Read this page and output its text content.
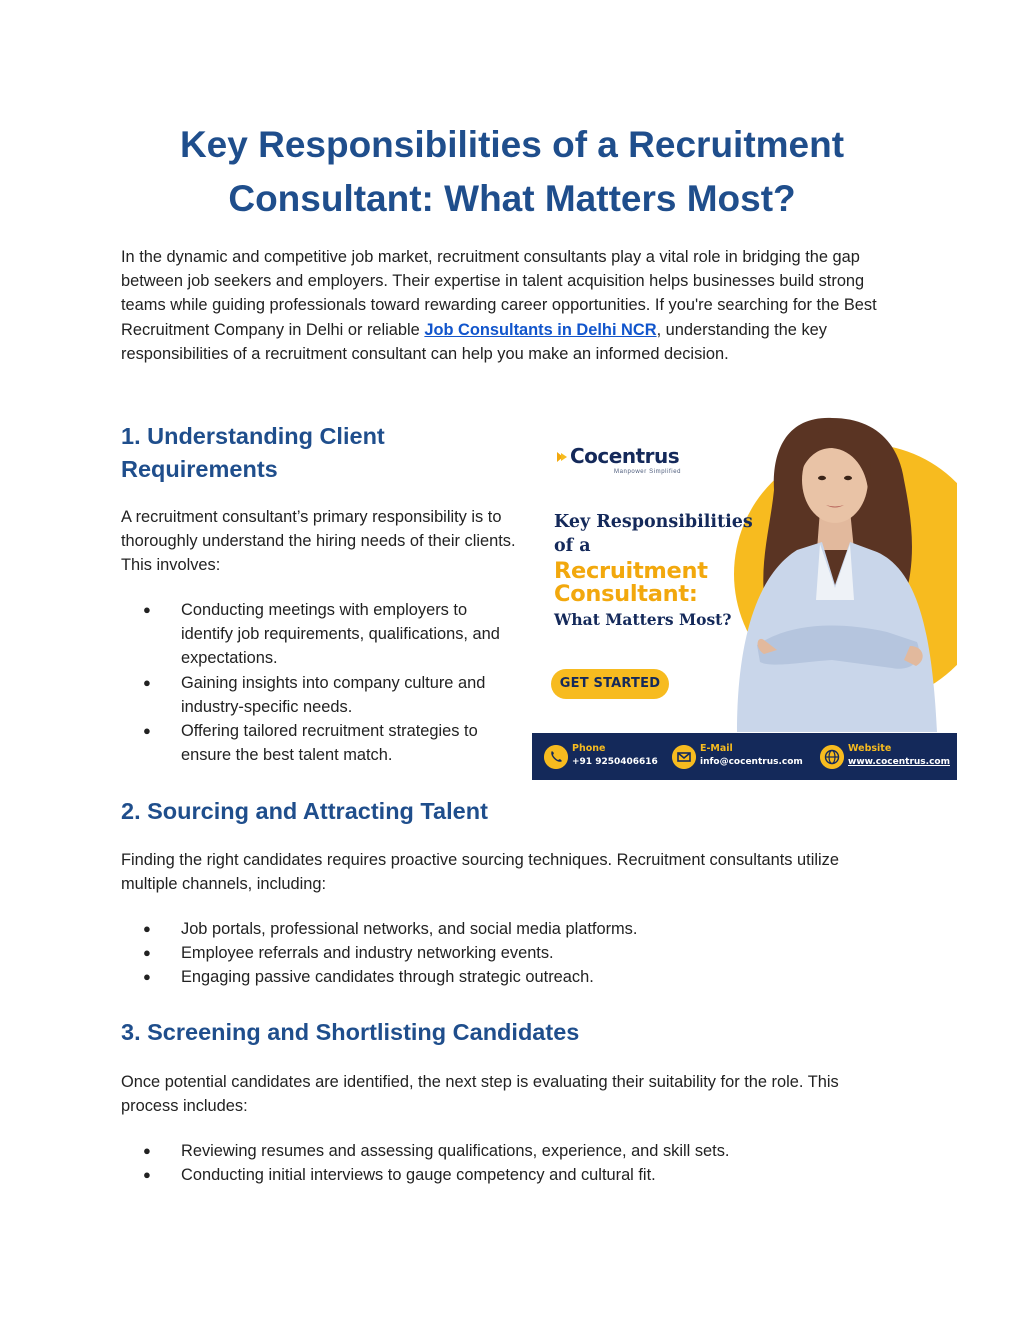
Key Responsibilities of a Recruitment
Consultant: What Matters Most?

In the dynamic and competitive job market, recruitment consultants play a vital role in bridging the gap between job seekers and employers. Their expertise in talent acquisition helps businesses build strong teams while guiding professionals toward rewarding career opportunities. If you're searching for the Best Recruitment Company in Delhi or reliable Job Consultants in Delhi NCR, understanding the key responsibilities of a recruitment consultant can help you make an informed decision.

1. Understanding Client
Requirements

A recruitment consultant’s primary responsibility is to thoroughly understand the hiring needs of their clients. This involves:

● Conducting meetings with employers to identify job requirements, qualifications, and expectations.
● Gaining insights into company culture and industry-specific needs.
● Offering tailored recruitment strategies to ensure the best talent match.

Cocentrus

Manpower Simplified

Key Responsibilities

of a

Recruitment

Consultant:

What Matters Most?

GET STARTED

Phone

+91 9250406616

E-Mail

info@cocentrus.com

Website

www.cocentrus.com

2. Sourcing and Attracting Talent

Finding the right candidates requires proactive sourcing techniques. Recruitment consultants utilize multiple channels, including:

● Job portals, professional networks, and social media platforms.
● Employee referrals and industry networking events.
● Engaging passive candidates through strategic outreach.
3. Screening and Shortlisting Candidates

Once potential candidates are identified, the next step is evaluating their suitability for the role. This process includes:

● Reviewing resumes and assessing qualifications, experience, and skill sets.
● Conducting initial interviews to gauge competency and cultural fit.
